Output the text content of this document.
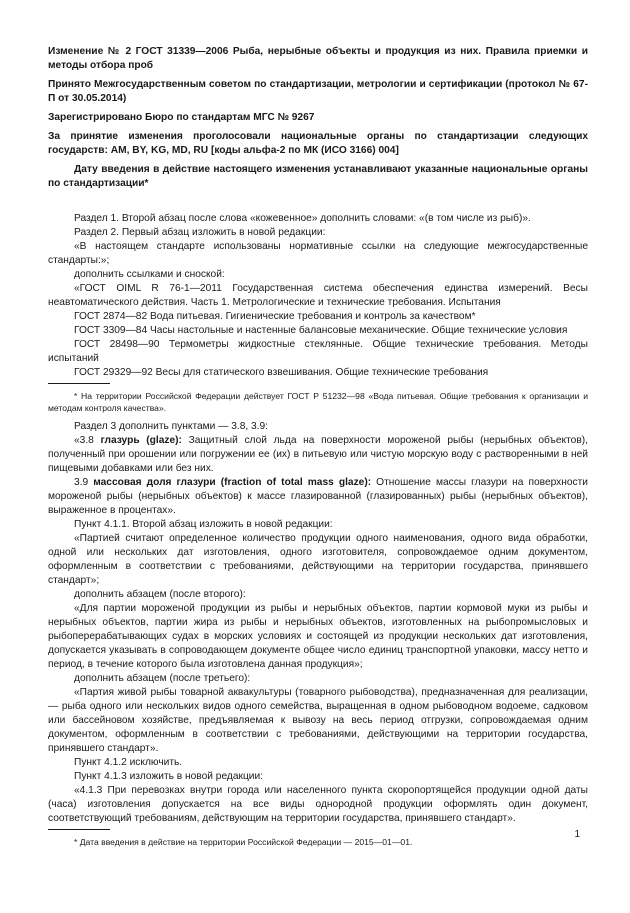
Изменение № 2 ГОСТ 31339—2006 Рыба, нерыбные объекты и продукция из них. Правила приемки и методы отбора проб

Принято Межгосударственным советом по стандартизации, метрологии и сертификации (протокол № 67-П от 30.05.2014)

Зарегистрировано Бюро по стандартам МГС № 9267

За принятие изменения проголосовали национальные органы по стандартизации следующих государств: AM, BY, KG, MD, RU [коды альфа-2 по МК (ИСО 3166) 004]

Дату введения в действие настоящего изменения устанавливают указанные национальные органы по стандартизации*

Раздел 1. Второй абзац после слова «кожевенное» дополнить словами: «(в том числе из рыб)».

Раздел 2. Первый абзац изложить в новой редакции:

«В настоящем стандарте использованы нормативные ссылки на следующие межгосударственные стандарты:»;

дополнить ссылками и сноской:

«ГОСТ OIML R 76-1—2011 Государственная система обеспечения единства измерений. Весы неавтоматического действия. Часть 1. Метрологические и технические требования. Испытания

ГОСТ 2874—82 Вода питьевая. Гигиенические требования и контроль за качеством*

ГОСТ 3309—84 Часы настольные и настенные балансовые механические. Общие технические условия

ГОСТ 28498—90 Термометры жидкостные стеклянные. Общие технические требования. Методы испытаний

ГОСТ 29329—92 Весы для статического взвешивания. Общие технические требования

* На территории Российской Федерации действует ГОСТ Р 51232—98 «Вода питьевая. Общие требования к организации и методам контроля качества».

Раздел 3 дополнить пунктами — 3.8, 3.9:

«3.8 глазурь (glaze): Защитный слой льда на поверхности мороженой рыбы (нерыбных объектов), полученный при орошении или погружении ее (их) в питьевую или чистую морскую воду с растворенными в ней пищевыми добавками или без них.

3.9 массовая доля глазури (fraction of total mass glaze): Отношение массы глазури на поверхности мороженой рыбы (нерыбных объектов) к массе глазированной (глазированных) рыбы (нерыбных объектов), выраженное в процентах».

Пункт 4.1.1. Второй абзац изложить в новой редакции:

«Партией считают определенное количество продукции одного наименования, одного вида обработки, одной или нескольких дат изготовления, одного изготовителя, сопровождаемое одним документом, оформленным в соответствии с требованиями, действующими на территории государства, принявшего стандарт»;

дополнить абзацем (после второго):

«Для партии мороженой продукции из рыбы и нерыбных объектов, партии кормовой муки из рыбы и нерыбных объектов, партии жира из рыбы и нерыбных объектов, изготовленных на рыбопромысловых и рыбоперерабатывающих судах в морских условиях и состоящей из продукции нескольких дат изготовления, допускается указывать в сопроводающем документе общее число единиц транспортной упаковки, массу нетто и период, в течение которого была изготовлена данная продукция»;

дополнить абзацем (после третьего):

«Партия живой рыбы товарной аквакультуры (товарного рыбоводства), предназначенная для реализации, — рыба одного или нескольких видов одного семейства, выращенная в одном рыбоводном водоеме, садковом или бассейновом хозяйстве, предъявляемая к вывозу на весь период отгрузки, сопровождаемая одним документом, оформленным в соответствии с требованиями, действующими на территории государства, принявшего стандарт».

Пункт 4.1.2 исключить.

Пункт 4.1.3 изложить в новой редакции:

«4.1.3 При перевозках внутри города или населенного пункта скоропортящейся продукции одной даты (часа) изготовления допускается на все виды однородной продукции оформлять один документ, соответствующий требованиям, действующим на территории государства, принявшего стандарт».

* Дата введения в действие на территории Российской Федерации — 2015—01—01.

1
